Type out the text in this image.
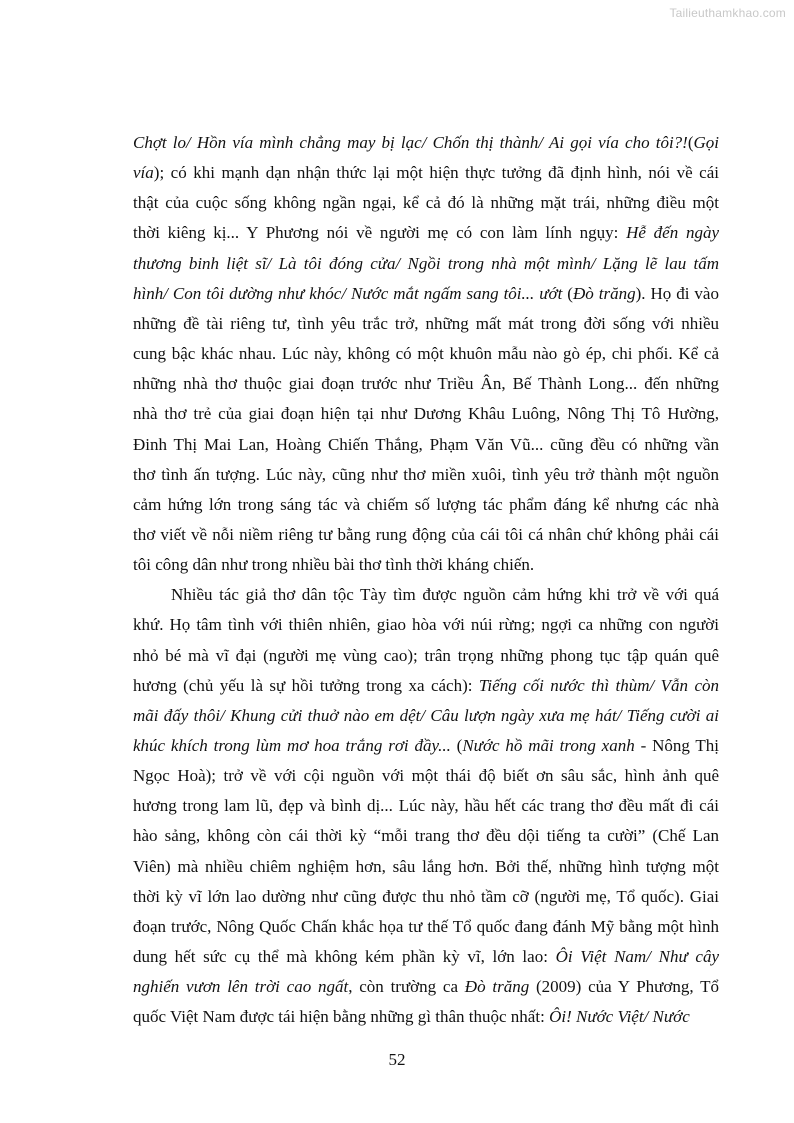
Tailieuthamkhao.com
Chợt lo/ Hồn vía mình chẳng may bị lạc/ Chốn thị thành/ Ai gọi vía cho tôi?!(Gọi
vía); có khi mạnh dạn nhận thức lại một hiện thực tưởng đã định hình, nói về cái
thật của cuộc sống không ngần ngại, kể cả đó là những mặt trái, những điều một
thời kiêng kị... Y Phương nói về người mẹ có con làm lính ngụy: Hễ đến ngày
thương binh liệt sĩ/ Là tôi đóng cửa/ Ngồi trong nhà một mình/ Lặng lẽ lau tấm
hình/ Con tôi dường như khóc/ Nước mắt ngấm sang tôi... ướt (Đò trăng). Họ đi vào
những đề tài riêng tư, tình yêu trắc trở, những mất mát trong đời sống với nhiều
cung bậc khác nhau. Lúc này, không có một khuôn mẫu nào gò ép, chi phối. Kể cả
những nhà thơ thuộc giai đoạn trước như Triều Ân, Bế Thành Long... đến những
nhà thơ trẻ của giai đoạn hiện tại như Dương Khâu Luông, Nông Thị Tô Hường,
Đinh Thị Mai Lan, Hoàng Chiến Thắng, Phạm Văn Vũ... cũng đều có những vần
thơ tình ấn tượng. Lúc này, cũng như thơ miền xuôi, tình yêu trở thành một nguồn
cảm hứng lớn trong sáng tác và chiếm số lượng tác phẩm đáng kể nhưng các nhà
thơ viết về nỗi niềm riêng tư bằng rung động của cái tôi cá nhân chứ không phải cái
tôi công dân như trong nhiều bài thơ tình thời kháng chiến.
Nhiều tác giả thơ dân tộc Tày tìm được nguồn cảm hứng khi trở về với quá
khứ. Họ tâm tình với thiên nhiên, giao hòa với núi rừng; ngợi ca những con người
nhỏ bé mà vĩ đại (người mẹ vùng cao); trân trọng những phong tục tập quán quê
hương (chủ yếu là sự hồi tưởng trong xa cách): Tiếng cối nước thì thùm/ Vẫn còn
mãi đấy thôi/ Khung cửi thuở nào em dệt/ Câu lượn ngày xưa mẹ hát/ Tiếng cười ai
khúc khích trong lùm mơ hoa trắng rơi đầy... (Nước hồ mãi trong xanh - Nông Thị
Ngọc Hoà); trở về với cội nguồn với một thái độ biết ơn sâu sắc, hình ảnh quê
hương trong lam lũ, đẹp và bình dị... Lúc này, hầu hết các trang thơ đều mất đi cái
hào sảng, không còn cái thời kỳ “mỗi trang thơ đều dội tiếng ta cười” (Chế Lan
Viên) mà nhiều chiêm nghiệm hơn, sâu lắng hơn. Bởi thế, những hình tượng một
thời kỳ vĩ lớn lao dường như cũng được thu nhỏ tầm cỡ (người mẹ, Tổ quốc). Giai
đoạn trước, Nông Quốc Chấn khắc họa tư thế Tổ quốc đang đánh Mỹ bằng một hình
dung hết sức cụ thể mà không kém phần kỳ vĩ, lớn lao: Ôi Việt Nam/ Như cây
nghiến vươn lên trời cao ngất, còn trường ca Đò trăng (2009) của Y Phương, Tổ
quốc Việt Nam được tái hiện bằng những gì thân thuộc nhất: Ôi! Nước Việt/ Nước
52
